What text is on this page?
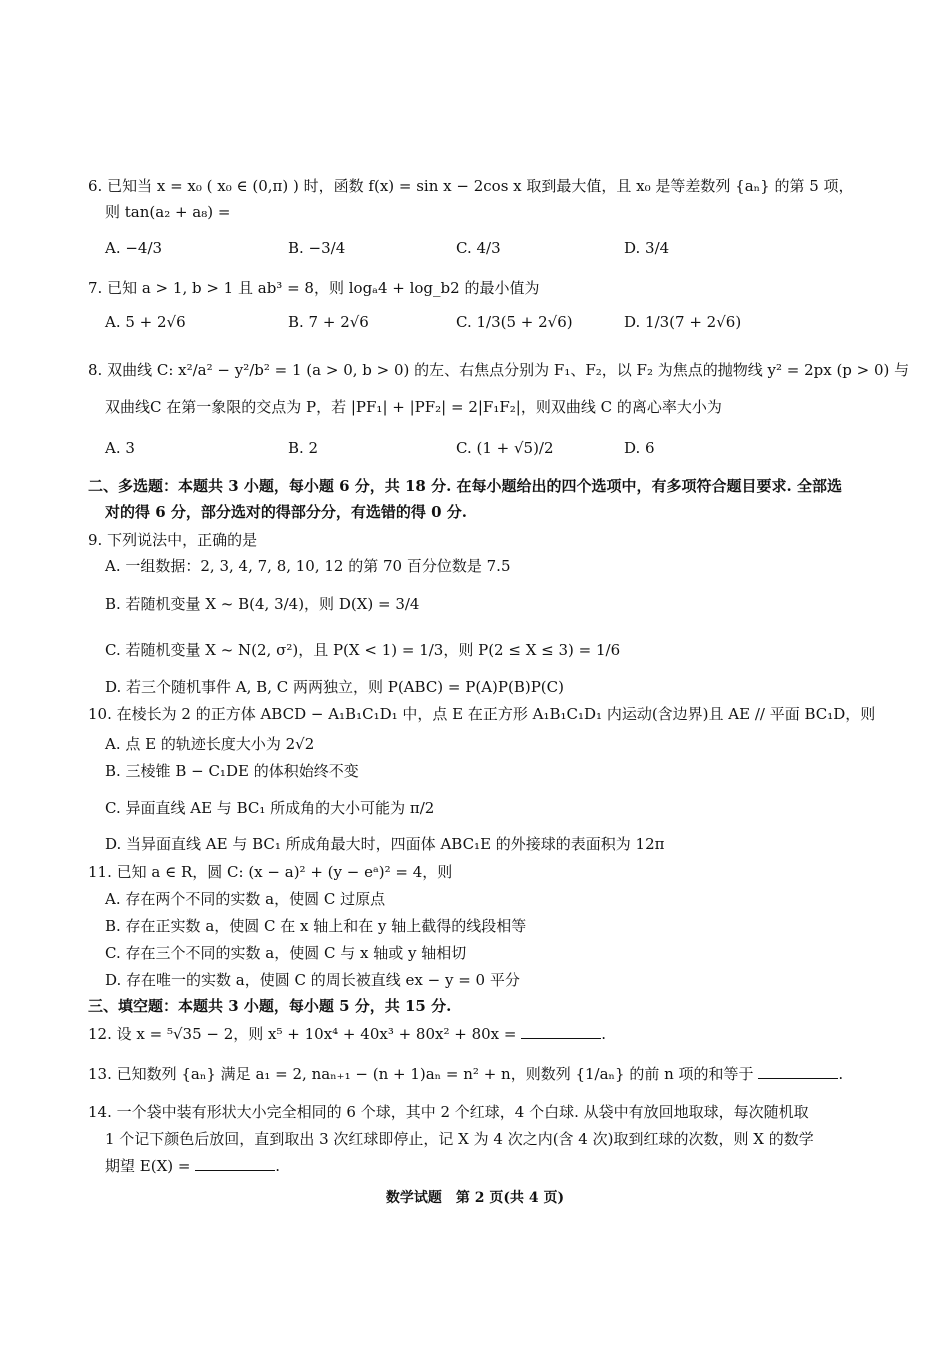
6. 已知当 x = x₀ ( x₀ ∈ (0,π) ) 时，函数 f(x) = sin x − 2cos x 取到最大值，且 x₀ 是等差数列 {aₙ} 的第 5 项，
则 tan(a₂ + a₈) =
A. −4/3	B. −3/4	C. 4/3	D. 3/4
7. 已知 a > 1, b > 1 且 ab³ = 8，则 logₐ4 + log_b2 的最小值为
A. 5 + 2√6	B. 7 + 2√6	C. 1/3(5 + 2√6)	D. 1/3(7 + 2√6)
8. 双曲线 C: x²/a² − y²/b² = 1 (a > 0, b > 0) 的左、右焦点分别为 F₁、F₂，以 F₂ 为焦点的抛物线 y² = 2px (p > 0) 与
双曲线C 在第一象限的交点为 P，若 |PF₁| + |PF₂| = 2|F₁F₂|，则双曲线 C 的离心率大小为
A. 3	B. 2	C. (1 + √5)/2	D. 6
二、多选题：本题共 3 小题，每小题 6 分，共 18 分. 在每小题给出的四个选项中，有多项符合题目要求. 全部选
对的得 6 分，部分选对的得部分分，有选错的得 0 分.
9. 下列说法中，正确的是
A. 一组数据：2, 3, 4, 7, 8, 10, 12 的第 70 百分位数是 7.5
B. 若随机变量 X ~ B(4, 3/4)，则 D(X) = 3/4
C. 若随机变量 X ~ N(2, σ²)，且 P(X < 1) = 1/3，则 P(2 ≤ X ≤ 3) = 1/6
D. 若三个随机事件 A, B, C 两两独立，则 P(ABC) = P(A)P(B)P(C)
10. 在棱长为 2 的正方体 ABCD − A₁B₁C₁D₁ 中，点 E 在正方形 A₁B₁C₁D₁ 内运动(含边界)且 AE // 平面 BC₁D，则
A. 点 E 的轨迹长度大小为 2√2
B. 三棱锥 B − C₁DE 的体积始终不变
C. 异面直线 AE 与 BC₁ 所成角的大小可能为 π/2
D. 当异面直线 AE 与 BC₁ 所成角最大时，四面体 ABC₁E 的外接球的表面积为 12π
11. 已知 a ∈ R，圆 C: (x − a)² + (y − eᵃ)² = 4，则
A. 存在两个不同的实数 a，使圆 C 过原点
B. 存在正实数 a，使圆 C 在 x 轴上和在 y 轴上截得的线段相等
C. 存在三个不同的实数 a，使圆 C 与 x 轴或 y 轴相切
D. 存在唯一的实数 a，使圆 C 的周长被直线 ex − y = 0 平分
三、填空题：本题共 3 小题，每小题 5 分，共 15 分.
12. 设 x = ⁵√35 − 2，则 x⁵ + 10x⁴ + 40x³ + 80x² + 80x =	.
13. 已知数列 {aₙ} 满足 a₁ = 2, naₙ₊₁ − (n + 1)aₙ = n² + n，则数列 {1/aₙ} 的前 n 项的和等于	.
14. 一个袋中装有形状大小完全相同的 6 个球，其中 2 个红球，4 个白球. 从袋中有放回地取球，每次随机取
1 个记下颜色后放回，直到取出 3 次红球即停止，记 X 为 4 次之内(含 4 次)取到红球的次数，则 X 的数学
期望 E(X) =	.
数学试题　第 2 页(共 4 页)
